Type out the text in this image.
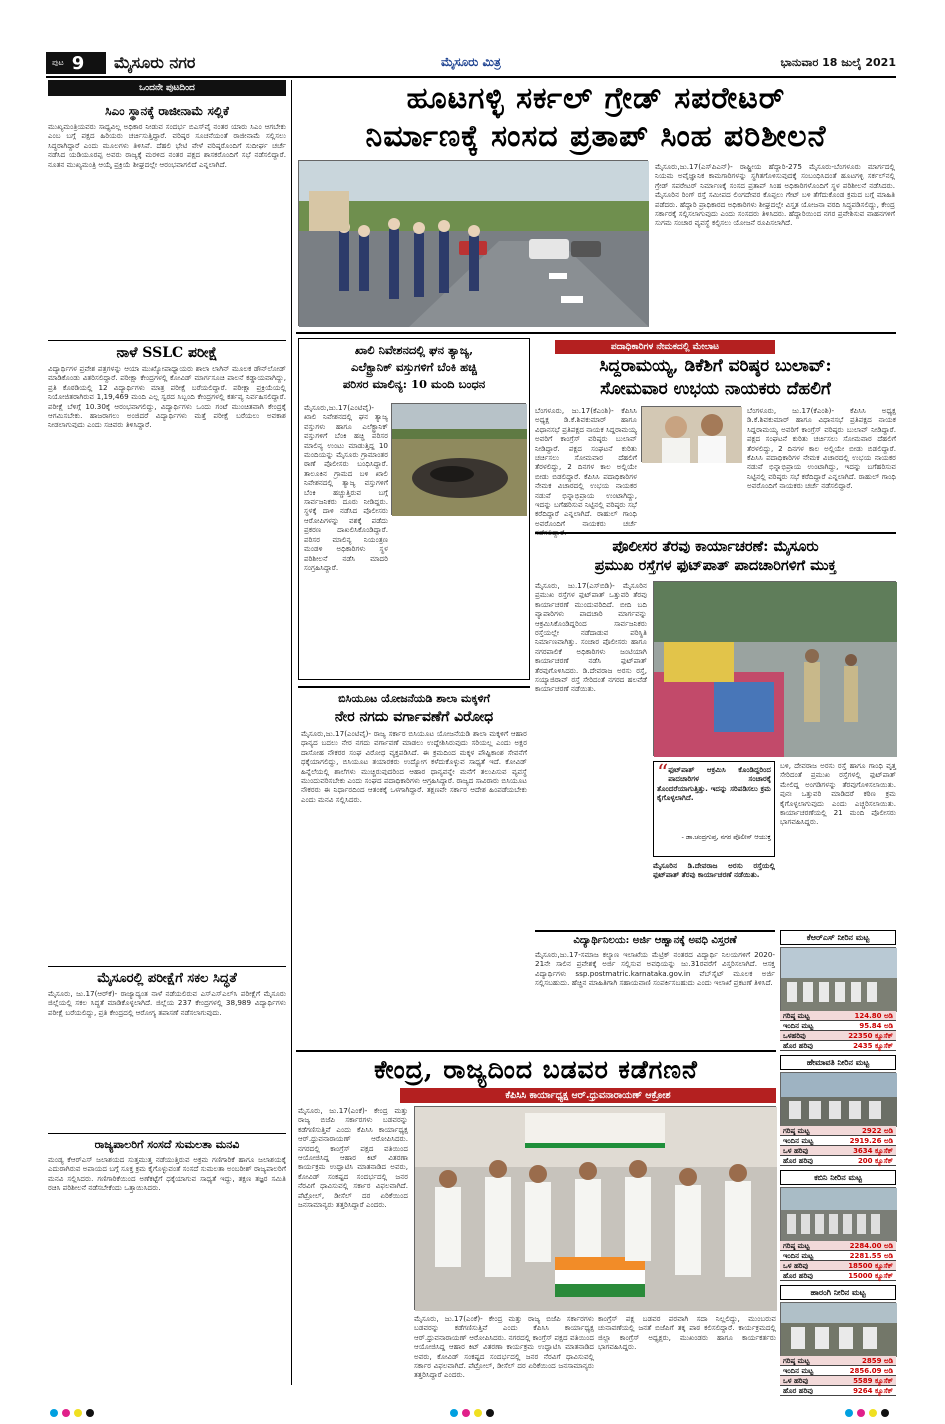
ಪುಟ 9 ಮೈಸೂರು ನಗರ	ಮೈಸೂರು ಮಿತ್ರ	ಭಾನುವಾರ 18 ಜುಲೈ 2021
ಒಂದನೇ ಪುಟದಿಂದ
ಸಿಎಂ ಸ್ಥಾನಕ್ಕೆ ರಾಜೀನಾಮೆ ಸಲ್ಲಿಕೆ
ಮುಖ್ಯಮಂತ್ರಿಯವರು ಸಾಧ್ಯವಿಲ್ಲ ಅಧಿಕಾರ ನೀಡುವ ಸಂದರ್ಭ ಬಿಎಸ್‌ವೈ ನಂತರ ಯಾರು ಸಿಎಂ ಆಗಬೇಕು ಎಂಬ ಬಗ್ಗೆ ಪಕ್ಷದ ಹಿರಿಯರು ಚರ್ಚಿಸುತ್ತಿದ್ದಾರೆ. ವರಿಷ್ಠರ ಸೂಚನೆಯಂತೆ ರಾಜೀನಾಮೆ ಸಲ್ಲಿಸಲು ಸಿದ್ಧರಾಗಿದ್ದಾರೆ ಎಂದು ಮೂಲಗಳು ತಿಳಿಸಿವೆ. ದೆಹಲಿ ಭೇಟಿ ವೇಳೆ ವರಿಷ್ಠರೊಂದಿಗೆ ಸುದೀರ್ಘ ಚರ್ಚೆ ನಡೆಸಿದ ಯಡಿಯೂರಪ್ಪ ಅವರು ರಾಜ್ಯಕ್ಕೆ ಮರಳಿದ ನಂತರ ಪಕ್ಷದ ಶಾಸಕರೊಂದಿಗೆ ಸಭೆ ನಡೆಸಲಿದ್ದಾರೆ. ನೂತನ ಮುಖ್ಯಮಂತ್ರಿ ಆಯ್ಕೆ ಪ್ರಕ್ರಿಯೆ ಶೀಘ್ರದಲ್ಲೇ ಆರಂಭವಾಗಲಿದೆ ಎನ್ನಲಾಗಿದೆ.
ನಾಳೆ SSLC ಪರೀಕ್ಷೆ
ವಿದ್ಯಾರ್ಥಿಗಳ ಪ್ರವೇಶ ಪತ್ರಗಳನ್ನು ಆಯಾ ಮುಖ್ಯೋಪಾಧ್ಯಾಯರು ಶಾಲಾ ಲಾಗಿನ್ ಮೂಲಕ ಡೌನ್‌ಲೋಡ್ ಮಾಡಿಕೊಂಡು ವಿತರಿಸಲಿದ್ದಾರೆ. ಪರೀಕ್ಷಾ ಕೇಂದ್ರಗಳಲ್ಲಿ ಕೋವಿಡ್ ಮಾರ್ಗಸೂಚಿ ಪಾಲನೆ ಕಡ್ಡಾಯವಾಗಿದ್ದು, ಪ್ರತಿ ಕೊಠಡಿಯಲ್ಲಿ 12 ವಿದ್ಯಾರ್ಥಿಗಳು ಮಾತ್ರ ಪರೀಕ್ಷೆ ಬರೆಯಲಿದ್ದಾರೆ. ಪರೀಕ್ಷಾ ಪ್ರಕ್ರಿಯೆಯಲ್ಲಿ ನಿಯೋಜಿತರಾಗಿರುವ 1,19,469 ಮಂದಿ ಎಲ್ಲ ಸ್ವರದ ಸಿಬ್ಬಂದಿ ಕೇಂದ್ರಗಳಲ್ಲಿ ಕರ್ತವ್ಯ ನಿರ್ವಹಿಸಲಿದ್ದಾರೆ. ಪರೀಕ್ಷೆ ಬೆಳಿಗ್ಗೆ 10.30ಕ್ಕೆ ಆರಂಭವಾಗಲಿದ್ದು, ವಿದ್ಯಾರ್ಥಿಗಳು ಒಂದು ಗಂಟೆ ಮುಂಚಿತವಾಗಿ ಕೇಂದ್ರಕ್ಕೆ ಆಗಮಿಸಬೇಕು. ಹಾಜರಾಗಲು ಅಂಜಿದರೆ ವಿದ್ಯಾರ್ಥಿಗಳು ಮತ್ತೆ ಪರೀಕ್ಷೆ ಬರೆಯಲು ಅವಕಾಶ ನೀಡಲಾಗುವುದು ಎಂದು ಸಚಿವರು ತಿಳಿಸಿದ್ದಾರೆ.
ಮೈಸೂರಲ್ಲಿ ಪರೀಕ್ಷೆಗೆ ಸಕಲ ಸಿದ್ಧತೆ
ಮೈಸೂರು, ಜು.17(ಆರ್‌ಕೆ)- ರಾಜ್ಯಾದ್ಯಂತ ನಾಳೆ ನಡೆಯಲಿರುವ ಎಸ್‌ಎಸ್‌ಎಲ್‌ಸಿ ಪರೀಕ್ಷೆಗೆ ಮೈಸೂರು ಜಿಲ್ಲೆಯಲ್ಲಿ ಸಕಲ ಸಿದ್ಧತೆ ಮಾಡಿಕೊಳ್ಳಲಾಗಿದೆ. ಜಿಲ್ಲೆಯ 237 ಕೇಂದ್ರಗಳಲ್ಲಿ 38,989 ವಿದ್ಯಾರ್ಥಿಗಳು ಪರೀಕ್ಷೆ ಬರೆಯಲಿದ್ದು, ಪ್ರತಿ ಕೇಂದ್ರದಲ್ಲಿ ಆರೋಗ್ಯ ತಪಾಸಣೆ ನಡೆಸಲಾಗುವುದು.
ರಾಜ್ಯಪಾಲರಿಗೆ ಸಂಸದೆ ಸುಮಲತಾ ಮನವಿ
ಮಂಡ್ಯ ಕೆಆರ್‌ಎಸ್ ಜಲಾಶಯದ ಸುತ್ತಮುತ್ತ ನಡೆಯುತ್ತಿರುವ ಅಕ್ರಮ ಗಣಿಗಾರಿಕೆ ಹಾಗೂ ಜಲಾಶಯಕ್ಕೆ ಎದುರಾಗಿರುವ ಅಪಾಯದ ಬಗ್ಗೆ ಸೂಕ್ತ ಕ್ರಮ ಕೈಗೊಳ್ಳುವಂತೆ ಸಂಸದೆ ಸುಮಲತಾ ಅಂಬರೀಶ್ ರಾಜ್ಯಪಾಲರಿಗೆ ಮನವಿ ಸಲ್ಲಿಸಿದರು. ಗಣಿಗಾರಿಕೆಯಿಂದ ಅಣೆಕಟ್ಟೆಗೆ ಧಕ್ಕೆಯಾಗುವ ಸಾಧ್ಯತೆ ಇದ್ದು, ತಕ್ಷಣ ತಜ್ಞರ ಸಮಿತಿ ರಚಿಸಿ ಪರಿಶೀಲನೆ ನಡೆಸಬೇಕೆಂದು ಒತ್ತಾಯಿಸಿದರು.
ಹೂಟಗಳ್ಳಿ ಸರ್ಕಲ್ ಗ್ರೇಡ್ ಸಪರೇಟರ್
ನಿರ್ಮಾಣಕ್ಕೆ ಸಂಸದ ಪ್ರತಾಪ್ ಸಿಂಹ ಪರಿಶೀಲನೆ
ಮೈಸೂರು,ಜು.17(ಎಸ್‌ಪಿಎನ್)- ರಾಷ್ಟ್ರೀಯ ಹೆದ್ದಾರಿ-275 ಮೈಸೂರು-ಬೆಂಗಳೂರು ಮಾರ್ಗದಲ್ಲಿ ನಿಯಮ ಅವೈಜ್ಞಾನಿಕ ಕಾಮಗಾರಿಗಳನ್ನು ಸ್ಥಗಿತಗೊಳಿಸುವುದಕ್ಕೆ ಸಂಬಂಧಿಸಿದಂತೆ ಹೂಟಗಳ್ಳಿ ಸರ್ಕಲ್‌ನಲ್ಲಿ ಗ್ರೇಡ್ ಸಪರೇಟರ್ ನಿರ್ಮಾಣಕ್ಕೆ ಸಂಸದ ಪ್ರತಾಪ್ ಸಿಂಹ ಅಧಿಕಾರಿಗಳೊಂದಿಗೆ ಸ್ಥಳ ಪರಿಶೀಲನೆ ನಡೆಸಿದರು. ಮೈಸೂರಿನ ರಿಂಗ್ ರಸ್ತೆ ಸಮೀಪದ ಲಿಂಗದೇವರ ಕೊಪ್ಪಲು ಗೇಟ್ ಬಳಿ ತೆಗೆದುಕೊಂಡ ಕ್ರಮದ ಬಗ್ಗೆ ಮಾಹಿತಿ ಪಡೆದರು. ಹೆದ್ದಾರಿ ಪ್ರಾಧಿಕಾರದ ಅಧಿಕಾರಿಗಳು ಶೀಘ್ರದಲ್ಲೇ ವಿಸ್ತೃತ ಯೋಜನಾ ವರದಿ ಸಿದ್ಧಪಡಿಸಲಿದ್ದು, ಕೇಂದ್ರ ಸರ್ಕಾರಕ್ಕೆ ಸಲ್ಲಿಸಲಾಗುವುದು ಎಂದು ಸಂಸದರು ತಿಳಿಸಿದರು. ಹೆದ್ದಾರಿಯಿಂದ ನಗರ ಪ್ರವೇಶಿಸುವ ವಾಹನಗಳಿಗೆ ಸುಗಮ ಸಂಚಾರ ವ್ಯವಸ್ಥೆ ಕಲ್ಪಿಸಲು ಯೋಜನೆ ರೂಪಿಸಲಾಗಿದೆ.
ಖಾಲಿ ನಿವೇಶನದಲ್ಲಿ ಘನ ತ್ಯಾಜ್ಯ,
ಎಲೆಕ್ಟ್ರಾನಿಕ್ ವಸ್ತುಗಳಿಗೆ ಬೆಂಕಿ ಹಚ್ಚಿ
ಪರಿಸರ ಮಾಲಿನ್ಯ: 10 ಮಂದಿ ಬಂಧನ
ಮೈಸೂರು,ಜು.17(ಎಂಟಿವೈ)- ಖಾಲಿ ನಿವೇಶನದಲ್ಲಿ ಘನ ತ್ಯಾಜ್ಯ ವಸ್ತುಗಳು ಹಾಗೂ ಎಲೆಕ್ಟ್ರಾನಿಕ್ ವಸ್ತುಗಳಿಗೆ ಬೆಂಕಿ ಹಚ್ಚಿ ಪರಿಸರ ಮಾಲಿನ್ಯ ಉಂಟು ಮಾಡುತ್ತಿದ್ದ 10 ಮಂದಿಯನ್ನು ಮೈಸೂರು ಗ್ರಾಮಾಂತರ ಠಾಣೆ ಪೊಲೀಸರು ಬಂಧಿಸಿದ್ದಾರೆ. ತಾಲೂಕಿನ ಗ್ರಾಮದ ಬಳಿ ಖಾಲಿ ನಿವೇಶನದಲ್ಲಿ ತ್ಯಾಜ್ಯ ವಸ್ತುಗಳಿಗೆ ಬೆಂಕಿ ಹಚ್ಚುತ್ತಿರುವ ಬಗ್ಗೆ ಸಾರ್ವಜನಿಕರು ದೂರು ನೀಡಿದ್ದರು. ಸ್ಥಳಕ್ಕೆ ದಾಳಿ ನಡೆಸಿದ ಪೊಲೀಸರು ಆರೋಪಿಗಳನ್ನು ವಶಕ್ಕೆ ಪಡೆದು ಪ್ರಕರಣ ದಾಖಲಿಸಿಕೊಂಡಿದ್ದಾರೆ. ಪರಿಸರ ಮಾಲಿನ್ಯ ನಿಯಂತ್ರಣ ಮಂಡಳಿ ಅಧಿಕಾರಿಗಳು ಸ್ಥಳ ಪರಿಶೀಲನೆ ನಡೆಸಿ ಮಾದರಿ ಸಂಗ್ರಹಿಸಿದ್ದಾರೆ.
ಬಿಸಿಯೂಟ ಯೋಜನೆಯಡಿ ಶಾಲಾ ಮಕ್ಕಳಿಗೆ
ನೇರ ನಗದು ವರ್ಗಾವಣೆಗೆ ವಿರೋಧ
ಮೈಸೂರು,ಜು.17(ಎಂಟಿವೈ)- ರಾಜ್ಯ ಸರ್ಕಾರ ಬಿಸಿಯೂಟ ಯೋಜನೆಯಡಿ ಶಾಲಾ ಮಕ್ಕಳಿಗೆ ಆಹಾರ ಧಾನ್ಯದ ಬದಲು ನೇರ ನಗದು ವರ್ಗಾವಣೆ ಮಾಡಲು ಉದ್ದೇಶಿಸಿರುವುದು ಸರಿಯಲ್ಲ ಎಂದು ಅಕ್ಷರ ದಾಸೋಹ ನೌಕರರ ಸಂಘ ವಿರೋಧ ವ್ಯಕ್ತಪಡಿಸಿದೆ. ಈ ಕ್ರಮದಿಂದ ಮಕ್ಕಳ ಪೌಷ್ಟಿಕಾಂಶ ಸೇವನೆಗೆ ಧಕ್ಕೆಯಾಗಲಿದ್ದು, ಬಿಸಿಯೂಟ ತಯಾರಕರು ಉದ್ಯೋಗ ಕಳೆದುಕೊಳ್ಳುವ ಸಾಧ್ಯತೆ ಇದೆ. ಕೋವಿಡ್ ಹಿನ್ನೆಲೆಯಲ್ಲಿ ಶಾಲೆಗಳು ಮುಚ್ಚಿರುವುದರಿಂದ ಆಹಾರ ಧಾನ್ಯವನ್ನೇ ಮನೆಗೆ ತಲುಪಿಸುವ ವ್ಯವಸ್ಥೆ ಮುಂದುವರಿಸಬೇಕು ಎಂದು ಸಂಘದ ಪದಾಧಿಕಾರಿಗಳು ಆಗ್ರಹಿಸಿದ್ದಾರೆ. ರಾಜ್ಯದ ಸಾವಿರಾರು ಬಿಸಿಯೂಟ ನೌಕರರು ಈ ನಿರ್ಧಾರದಿಂದ ಆತಂಕಕ್ಕೆ ಒಳಗಾಗಿದ್ದಾರೆ. ತಕ್ಷಣವೇ ಸರ್ಕಾರ ಆದೇಶ ಹಿಂಪಡೆಯಬೇಕು ಎಂದು ಮನವಿ ಸಲ್ಲಿಸಿದರು.
ಪದಾಧಿಕಾರಿಗಳ ನೇಮಕದಲ್ಲಿ ಮೇಲಾಟ
ಸಿದ್ದರಾಮಯ್ಯ, ಡಿಕೆಶಿಗೆ ವರಿಷ್ಠರ ಬುಲಾವ್:
ಸೋಮವಾರ ಉಭಯ ನಾಯಕರು ದೆಹಲಿಗೆ
ಬೆಂಗಳೂರು, ಜು.17(ಕೆಎಂಶಿ)- ಕೆಪಿಸಿಸಿ ಅಧ್ಯಕ್ಷ ಡಿ.ಕೆ.ಶಿವಕುಮಾರ್ ಹಾಗೂ ವಿಧಾನಸಭೆ ಪ್ರತಿಪಕ್ಷದ ನಾಯಕ ಸಿದ್ದರಾಮಯ್ಯ ಅವರಿಗೆ ಕಾಂಗ್ರೆಸ್ ವರಿಷ್ಠರು ಬುಲಾವ್ ನೀಡಿದ್ದಾರೆ. ಪಕ್ಷದ ಸಂಘಟನೆ ಕುರಿತು ಚರ್ಚಿಸಲು ಸೋಮವಾರ ದೆಹಲಿಗೆ ತೆರಳಲಿದ್ದು, 2 ದಿನಗಳ ಕಾಲ ಅಲ್ಲಿಯೇ ಬೀಡು ಬಿಡಲಿದ್ದಾರೆ. ಕೆಪಿಸಿಸಿ ಪದಾಧಿಕಾರಿಗಳ ನೇಮಕ ವಿಚಾರದಲ್ಲಿ ಉಭಯ ನಾಯಕರ ನಡುವೆ ಭಿನ್ನಾಭಿಪ್ರಾಯ ಉಂಟಾಗಿದ್ದು, ಇದನ್ನು ಬಗೆಹರಿಸುವ ನಿಟ್ಟಿನಲ್ಲಿ ವರಿಷ್ಠರು ಸಭೆ ಕರೆದಿದ್ದಾರೆ ಎನ್ನಲಾಗಿದೆ. ರಾಹುಲ್ ಗಾಂಧಿ ಅವರೊಂದಿಗೆ ನಾಯಕರು ಚರ್ಚೆ
ಬೆಂಗಳೂರು, ಜು.17(ಕೆಎಂಶಿ)- ಕೆಪಿಸಿಸಿ ಅಧ್ಯಕ್ಷ ಡಿ.ಕೆ.ಶಿವಕುಮಾರ್ ಹಾಗೂ ವಿಧಾನಸಭೆ ಪ್ರತಿಪಕ್ಷದ ನಾಯಕ ಸಿದ್ದರಾಮಯ್ಯ ಅವರಿಗೆ ಕಾಂಗ್ರೆಸ್ ವರಿಷ್ಠರು ಬುಲಾವ್ ನೀಡಿದ್ದಾರೆ. ಪಕ್ಷದ ಸಂಘಟನೆ ಕುರಿತು ಚರ್ಚಿಸಲು ಸೋಮವಾರ ದೆಹಲಿಗೆ ತೆರಳಲಿದ್ದು, 2 ದಿನಗಳ ಕಾಲ ಅಲ್ಲಿಯೇ ಬೀಡು ಬಿಡಲಿದ್ದಾರೆ. ಕೆಪಿಸಿಸಿ ಪದಾಧಿಕಾರಿಗಳ ನೇಮಕ ವಿಚಾರದಲ್ಲಿ ಉಭಯ ನಾಯಕರ ನಡುವೆ ಭಿನ್ನಾಭಿಪ್ರಾಯ ಉಂಟಾಗಿದ್ದು, ಇದನ್ನು ಬಗೆಹರಿಸುವ ನಿಟ್ಟಿನಲ್ಲಿ ವರಿಷ್ಠರು ಸಭೆ ಕರೆದಿದ್ದಾರೆ ಎನ್ನಲಾಗಿದೆ. ರಾಹುಲ್ ಗಾಂಧಿ ಅವರೊಂದಿಗೆ ನಾಯಕರು ಚರ್ಚೆ ನಡೆಸಲಿದ್ದಾರೆ.
ಪೊಲೀಸರ ತೆರವು ಕಾರ್ಯಾಚರಣೆ: ಮೈಸೂರು
ಪ್ರಮುಖ ರಸ್ತೆಗಳ ಫುಟ್‌ಪಾತ್ ಪಾದಚಾರಿಗಳಿಗೆ ಮುಕ್ತ
ಮೈಸೂರು, ಜು.17(ಎಸ್‌ಬಿಡಿ)- ಮೈಸೂರಿನ ಪ್ರಮುಖ ರಸ್ತೆಗಳ ಫುಟ್‌ಪಾತ್ ಒತ್ತುವರಿ ತೆರವು ಕಾರ್ಯಾಚರಣೆ ಮುಂದುವರಿದಿದೆ. ಬೀದಿ ಬದಿ ವ್ಯಾಪಾರಿಗಳು ಪಾದಚಾರಿ ಮಾರ್ಗವನ್ನು ಆಕ್ರಮಿಸಿಕೊಂಡಿದ್ದರಿಂದ ಸಾರ್ವಜನಿಕರು ರಸ್ತೆಯಲ್ಲೇ ನಡೆದಾಡುವ ಪರಿಸ್ಥಿತಿ ನಿರ್ಮಾಣವಾಗಿತ್ತು. ಸಂಚಾರ ಪೊಲೀಸರು ಹಾಗೂ ನಗರಪಾಲಿಕೆ ಅಧಿಕಾರಿಗಳು ಜಂಟಿಯಾಗಿ ಕಾರ್ಯಾಚರಣೆ ನಡೆಸಿ ಫುಟ್‌ಪಾತ್ ತೆರವುಗೊಳಿಸಿದರು. ಡಿ.ದೇವರಾಜ ಅರಸು ರಸ್ತೆ, ಸಯ್ಯಾಜಿರಾವ್ ರಸ್ತೆ ಸೇರಿದಂತೆ ನಗರದ ಹಲವೆಡೆ ಕಾರ್ಯಾಚರಣೆ ನಡೆಯಿತು.
ಬಳಿ, ದೇವರಾಜ ಅರಸು ರಸ್ತೆ ಹಾಗೂ ಗಾಂಧಿ ವೃತ್ತ ಸೇರಿದಂತೆ ಪ್ರಮುಖ ರಸ್ತೆಗಳಲ್ಲಿ ಫುಟ್‌ಪಾತ್ ಮೇಲಿದ್ದ ಅಂಗಡಿಗಳನ್ನು ತೆರವುಗೊಳಿಸಲಾಯಿತು. ಪುನಃ ಒತ್ತುವರಿ ಮಾಡಿದರೆ ಕಠಿಣ ಕ್ರಮ ಕೈಗೊಳ್ಳಲಾಗುವುದು ಎಂದು ಎಚ್ಚರಿಸಲಾಯಿತು. ಕಾರ್ಯಾಚರಣೆಯಲ್ಲಿ 21 ಮಂದಿ ಪೊಲೀಸರು ಭಾಗವಹಿಸಿದ್ದರು.
“ ಫುಟ್‌ಪಾತ್ ಆಕ್ರಮಿಸಿ ಕೊಂಡಿದ್ದರಿಂದ ಪಾದಚಾರಿಗಳ ಸಂಚಾರಕ್ಕೆ ತೊಂದರೆಯಾಗುತ್ತಿತ್ತು. ಇದನ್ನು ಸರಿಪಡಿಸಲು ಕ್ರಮ ಕೈಗೊಳ್ಳಲಾಗಿದೆ.
- ಡಾ.ಚಂದ್ರಗುಪ್ತ, ನಗರ ಪೊಲೀಸ್ ಆಯುಕ್ತ
ಮೈಸೂರಿನ ಡಿ.ದೇವರಾಜ ಅರಸು ರಸ್ತೆಯಲ್ಲಿ ಫುಟ್‌ಪಾತ್ ತೆರವು ಕಾರ್ಯಾಚರಣೆ ನಡೆಯಿತು.
ವಿದ್ಯಾರ್ಥಿನಿಲಯ: ಅರ್ಜಿ ಆಹ್ವಾನಕ್ಕೆ ಅವಧಿ ವಿಸ್ತರಣೆ
ಮೈಸೂರು,ಜು.17-ಸಮಾಜ ಕಲ್ಯಾಣ ಇಲಾಖೆಯ ಮೆಟ್ರಿಕ್ ನಂತರದ ವಿದ್ಯಾರ್ಥಿ ನಿಲಯಗಳಿಗೆ 2020-21ನೇ ಸಾಲಿನ ಪ್ರವೇಶಕ್ಕೆ ಅರ್ಜಿ ಸಲ್ಲಿಸುವ ಅವಧಿಯನ್ನು ಜು.31ರವರೆಗೆ ವಿಸ್ತರಿಸಲಾಗಿದೆ. ಆಸಕ್ತ ವಿದ್ಯಾರ್ಥಿಗಳು ssp.postmatric.karnataka.gov.in ವೆಬ್‌ಸೈಟ್ ಮೂಲಕ ಅರ್ಜಿ ಸಲ್ಲಿಸಬಹುದು. ಹೆಚ್ಚಿನ ಮಾಹಿತಿಗಾಗಿ ಸಹಾಯವಾಣಿ ಸಂಪರ್ಕಿಸಬಹುದು ಎಂದು ಇಲಾಖೆ ಪ್ರಕಟಣೆ ತಿಳಿಸಿದೆ.
ಕೆಆರ್‌ಎಸ್ ನೀರಿನ ಮಟ್ಟ
ಗರಿಷ್ಠ ಮಟ್ಟ	124.80 ಅಡಿ
ಇಂದಿನ ಮಟ್ಟ	95.84 ಅಡಿ
ಒಳಹರಿವು	22350 ಕ್ಯೂಸೆಕ್
ಹೊರ ಹರಿವು	2435 ಕ್ಯೂಸೆಕ್
ಹೇಮಾವತಿ ನೀರಿನ ಮಟ್ಟ
ಗರಿಷ್ಠ ಮಟ್ಟ	2922 ಅಡಿ
ಇಂದಿನ ಮಟ್ಟ	2919.26 ಅಡಿ
ಒಳ ಹರಿವು	3634 ಕ್ಯೂಸೆಕ್
ಹೊರ ಹರಿವು	200 ಕ್ಯೂಸೆಕ್
ಕಬಿನಿ ನೀರಿನ ಮಟ್ಟ
ಗರಿಷ್ಠ ಮಟ್ಟ	2284.00 ಅಡಿ
ಇಂದಿನ ಮಟ್ಟ	2281.55 ಅಡಿ
ಒಳ ಹರಿವು	18500 ಕ್ಯೂಸೆಕ್
ಹೊರ ಹರಿವು	15000 ಕ್ಯೂಸೆಕ್
ಹಾರಂಗಿ ನೀರಿನ ಮಟ್ಟ
ಗರಿಷ್ಠ ಮಟ್ಟ	2859 ಅಡಿ
ಇಂದಿನ ಮಟ್ಟ	2856.09 ಅಡಿ
ಒಳ ಹರಿವು	5589 ಕ್ಯೂಸೆಕ್
ಹೊರ ಹರಿವು	9264 ಕ್ಯೂಸೆಕ್
ಕೇಂದ್ರ, ರಾಜ್ಯದಿಂದ ಬಡವರ ಕಡೆಗಣನೆ
ಕೆಪಿಸಿಸಿ ಕಾರ್ಯಾಧ್ಯಕ್ಷ ಆರ್.ಧ್ರುವನಾರಾಯಣ್ ಆಕ್ರೋಶ
ಮೈಸೂರು, ಜು.17(ಎಂಕೆ)- ಕೇಂದ್ರ ಮತ್ತು ರಾಜ್ಯ ಬಿಜೆಪಿ ಸರ್ಕಾರಗಳು ಬಡವರನ್ನು ಕಡೆಗಣಿಸುತ್ತಿವೆ ಎಂದು ಕೆಪಿಸಿಸಿ ಕಾರ್ಯಾಧ್ಯಕ್ಷ ಆರ್.ಧ್ರುವನಾರಾಯಣ್ ಆರೋಪಿಸಿದರು. ನಗರದಲ್ಲಿ ಕಾಂಗ್ರೆಸ್ ಪಕ್ಷದ ವತಿಯಿಂದ ಆಯೋಜಿಸಿದ್ದ ಆಹಾರ ಕಿಟ್ ವಿತರಣಾ ಕಾರ್ಯಕ್ರಮ ಉದ್ಘಾಟಿಸಿ ಮಾತನಾಡಿದ ಅವರು, ಕೋವಿಡ್ ಸಂಕಷ್ಟದ ಸಂದರ್ಭದಲ್ಲಿ ಜನರ ನೆರವಿಗೆ ಧಾವಿಸುವಲ್ಲಿ ಸರ್ಕಾರ ವಿಫಲವಾಗಿದೆ. ಪೆಟ್ರೋಲ್, ಡೀಸೆಲ್ ದರ ಏರಿಕೆಯಿಂದ ಜನಸಾಮಾನ್ಯರು ತತ್ತರಿಸಿದ್ದಾರೆ ಎಂದರು.
ಮೈಸೂರು, ಜು.17(ಎಂಕೆ)- ಕೇಂದ್ರ ಮತ್ತು ರಾಜ್ಯ ಬಿಜೆಪಿ ಸರ್ಕಾರಗಳು ಬಡವರನ್ನು ಕಡೆಗಣಿಸುತ್ತಿವೆ ಎಂದು ಕೆಪಿಸಿಸಿ ಕಾರ್ಯಾಧ್ಯಕ್ಷ ಆರ್.ಧ್ರುವನಾರಾಯಣ್ ಆರೋಪಿಸಿದರು. ನಗರದಲ್ಲಿ ಕಾಂಗ್ರೆಸ್ ಪಕ್ಷದ ವತಿಯಿಂದ ಆಯೋಜಿಸಿದ್ದ ಆಹಾರ ಕಿಟ್ ವಿತರಣಾ ಕಾರ್ಯಕ್ರಮ ಉದ್ಘಾಟಿಸಿ ಮಾತನಾಡಿದ ಅವರು, ಕೋವಿಡ್ ಸಂಕಷ್ಟದ ಸಂದರ್ಭದಲ್ಲಿ ಜನರ ನೆರವಿಗೆ ಧಾವಿಸುವಲ್ಲಿ ಸರ್ಕಾರ ವಿಫಲವಾಗಿದೆ. ಪೆಟ್ರೋಲ್, ಡೀಸೆಲ್ ದರ ಏರಿಕೆಯಿಂದ ಜನಸಾಮಾನ್ಯರು ತತ್ತರಿಸಿದ್ದಾರೆ ಎಂದರು.
ಕಾಂಗ್ರೆಸ್ ಪಕ್ಷ ಬಡವರ ಪರವಾಗಿ ಸದಾ ನಿಲ್ಲಲಿದ್ದು, ಮುಂಬರುವ ಚುನಾವಣೆಯಲ್ಲಿ ಜನತೆ ಬಿಜೆಪಿಗೆ ತಕ್ಕ ಪಾಠ ಕಲಿಸಲಿದ್ದಾರೆ. ಕಾರ್ಯಕ್ರಮದಲ್ಲಿ ಜಿಲ್ಲಾ ಕಾಂಗ್ರೆಸ್ ಅಧ್ಯಕ್ಷರು, ಮುಖಂಡರು ಹಾಗೂ ಕಾರ್ಯಕರ್ತರು ಭಾಗವಹಿಸಿದ್ದರು.
